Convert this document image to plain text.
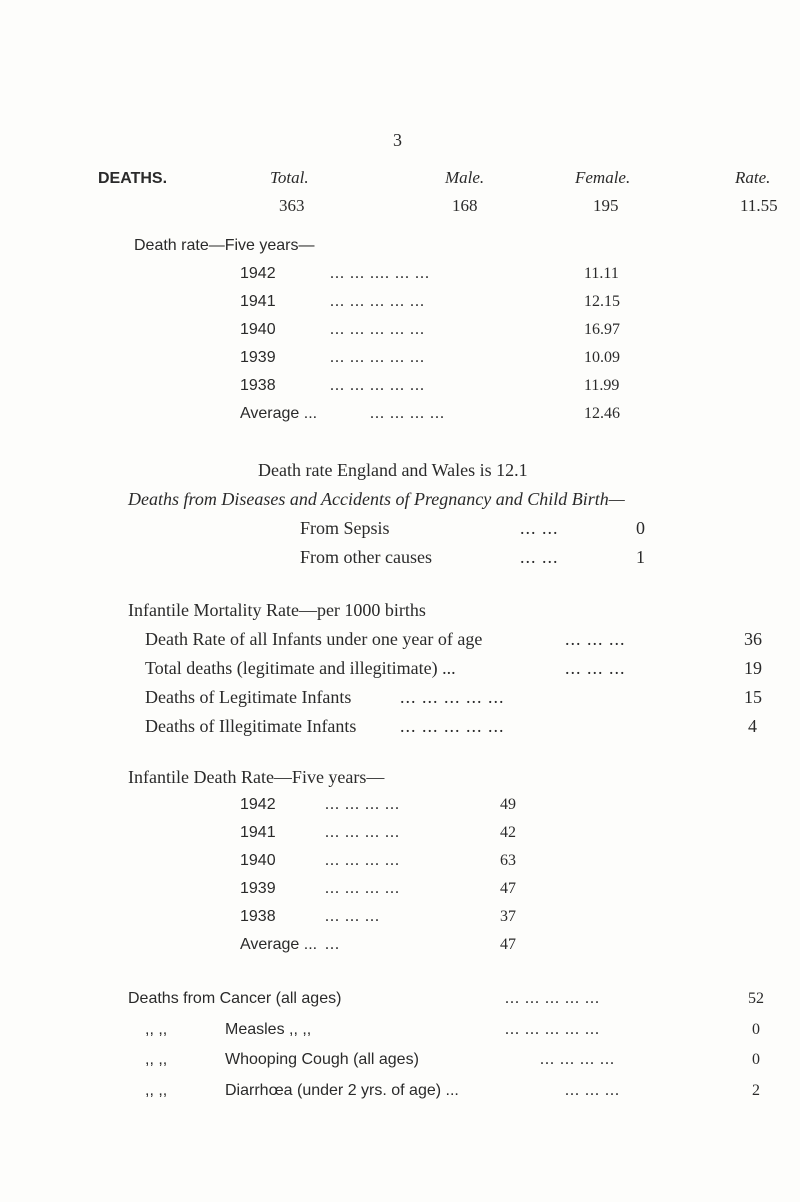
3
DEATHS.	Total.	Male.	Female.	Rate.
363	168	195	11.55
Death rate—Five years—
1942	... ... .... ... ...	11.11
1941	... ... ... ... ...	12.15
1940	... ... ... ... ...	16.97
1939	... ... ... ... ...	10.09
1938	... ... ... ... ...	11.99
Average ...	... ... ... ...	12.46
Death rate England and Wales is 12.1
Deaths from Diseases and Accidents of Pregnancy and Child Birth—
From Sepsis	... ...	0
From other causes	... ...	1
Infantile Mortality Rate—per 1000 births
Death Rate of all Infants under one year of age	... ... ...	36
Total deaths (legitimate and illegitimate) ...	... ... ...	19
Deaths of Legitimate Infants	... ... ... ... ...	15
Deaths of Illegitimate Infants ... ... ... ... ...	4
Infantile Death Rate—Five years—
1942	... ... ... ...	49
1941	... ... ... ...	42
1940	... ... ... ...	63
1939	... ... ... ...	47
1938	... ... ...	37
Average ... ...	47
Deaths from Cancer (all ages)	... ... ... ... ...	52
,, ,,	Measles ,, ,,	... ... ... ... ...	0
,, ,,	Whooping Cough (all ages)	... ... ... ...	0
,, ,,	Diarrhœa (under 2 yrs. of age) ...	... ... ...	2
